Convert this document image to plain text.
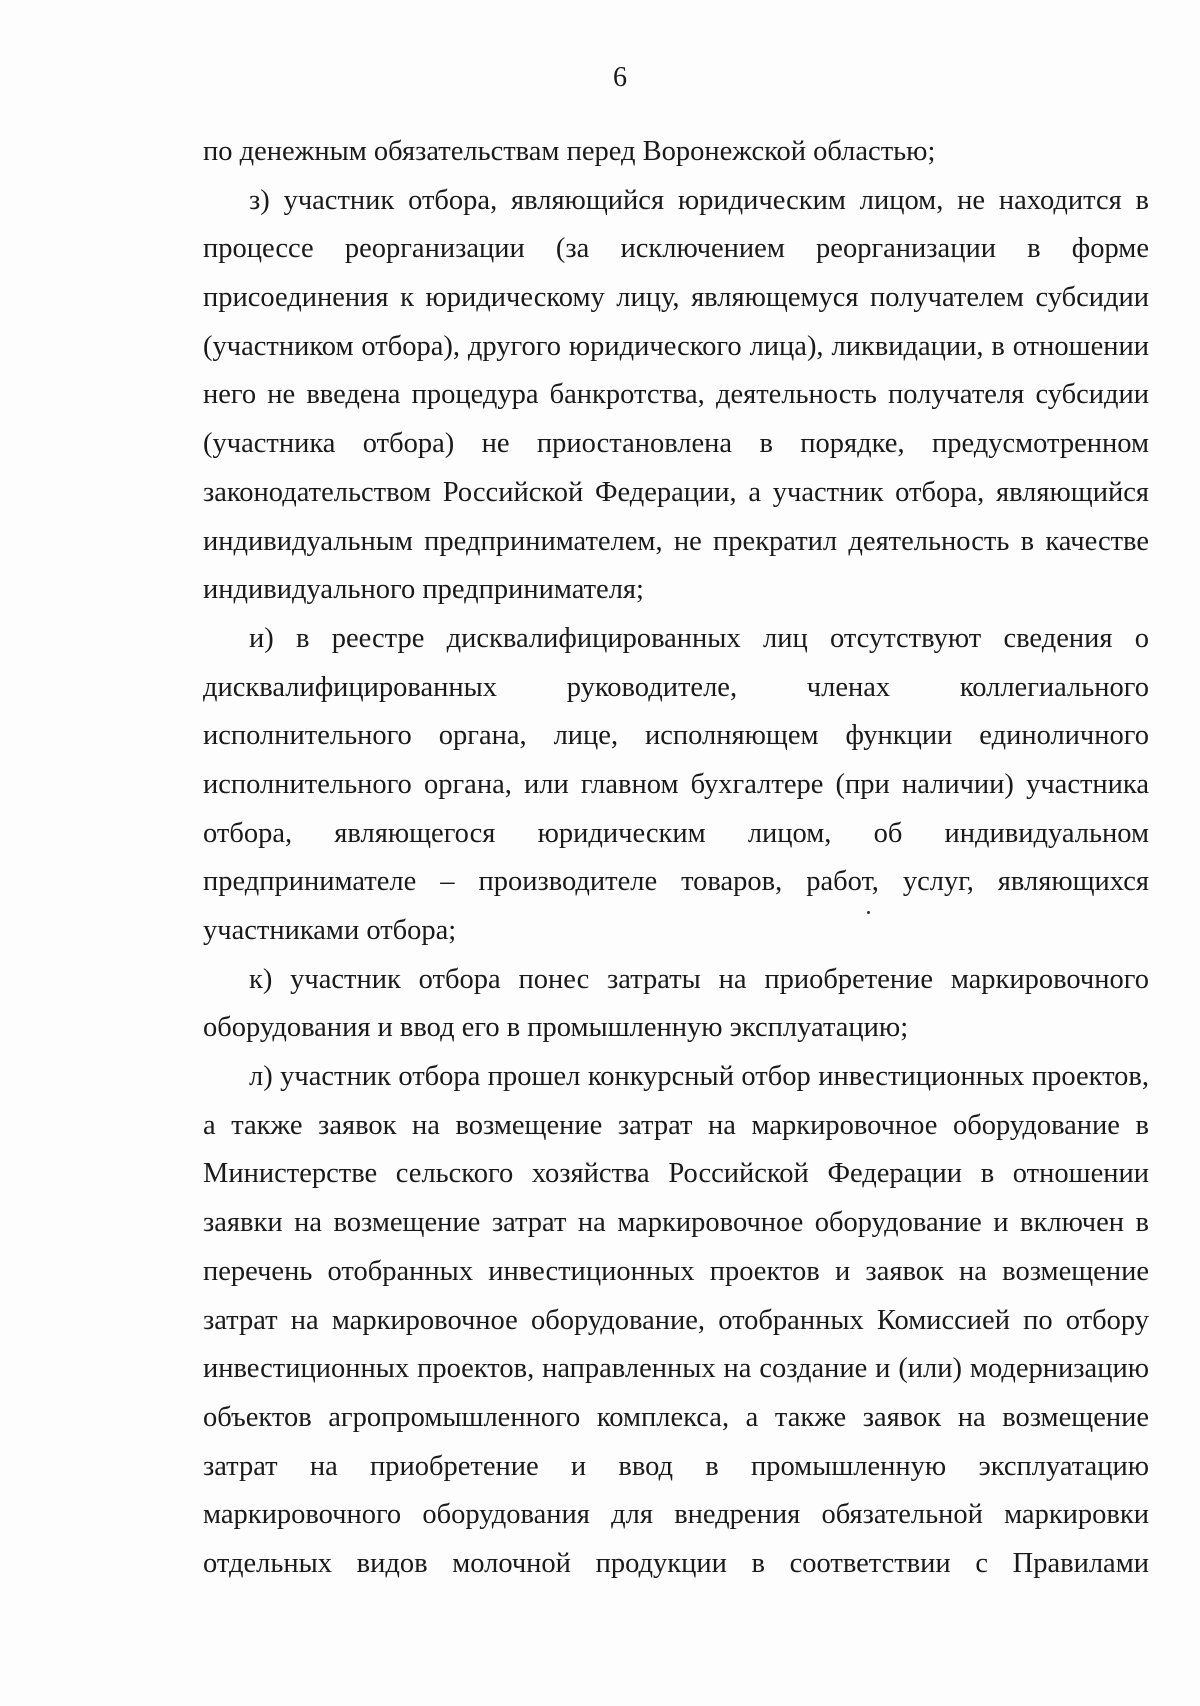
6
по денежным обязательствам перед Воронежской областью;
з) участник отбора, являющийся юридическим лицом, не находится в
процессе реорганизации (за исключением реорганизации в форме
присоединения к юридическому лицу, являющемуся получателем субсидии
(участником отбора), другого юридического лица), ликвидации, в отношении
него не введена процедура банкротства, деятельность получателя субсидии
(участника отбора) не приостановлена в порядке, предусмотренном
законодательством Российской Федерации, а участник отбора, являющийся
индивидуальным предпринимателем, не прекратил деятельность в качестве
индивидуального предпринимателя;
и) в реестре дисквалифицированных лиц отсутствуют сведения о
дисквалифицированных руководителе, членах коллегиального
исполнительного органа, лице, исполняющем функции единоличного
исполнительного органа, или главном бухгалтере (при наличии) участника
отбора, являющегося юридическим лицом, об индивидуальном
предпринимателе – производителе товаров, работ, услуг, являющихся
участниками отбора;
к) участник отбора понес затраты на приобретение маркировочного
оборудования и ввод его в промышленную эксплуатацию;
л) участник отбора прошел конкурсный отбор инвестиционных проектов,
а также заявок на возмещение затрат на маркировочное оборудование в
Министерстве сельского хозяйства Российской Федерации в отношении
заявки на возмещение затрат на маркировочное оборудование и включен в
перечень отобранных инвестиционных проектов и заявок на возмещение
затрат на маркировочное оборудование, отобранных Комиссией по отбору
инвестиционных проектов, направленных на создание и (или) модернизацию
объектов агропромышленного комплекса, а также заявок на возмещение
затрат на приобретение и ввод в промышленную эксплуатацию
маркировочного оборудования для внедрения обязательной маркировки
отдельных видов молочной продукции в соответствии с Правилами
